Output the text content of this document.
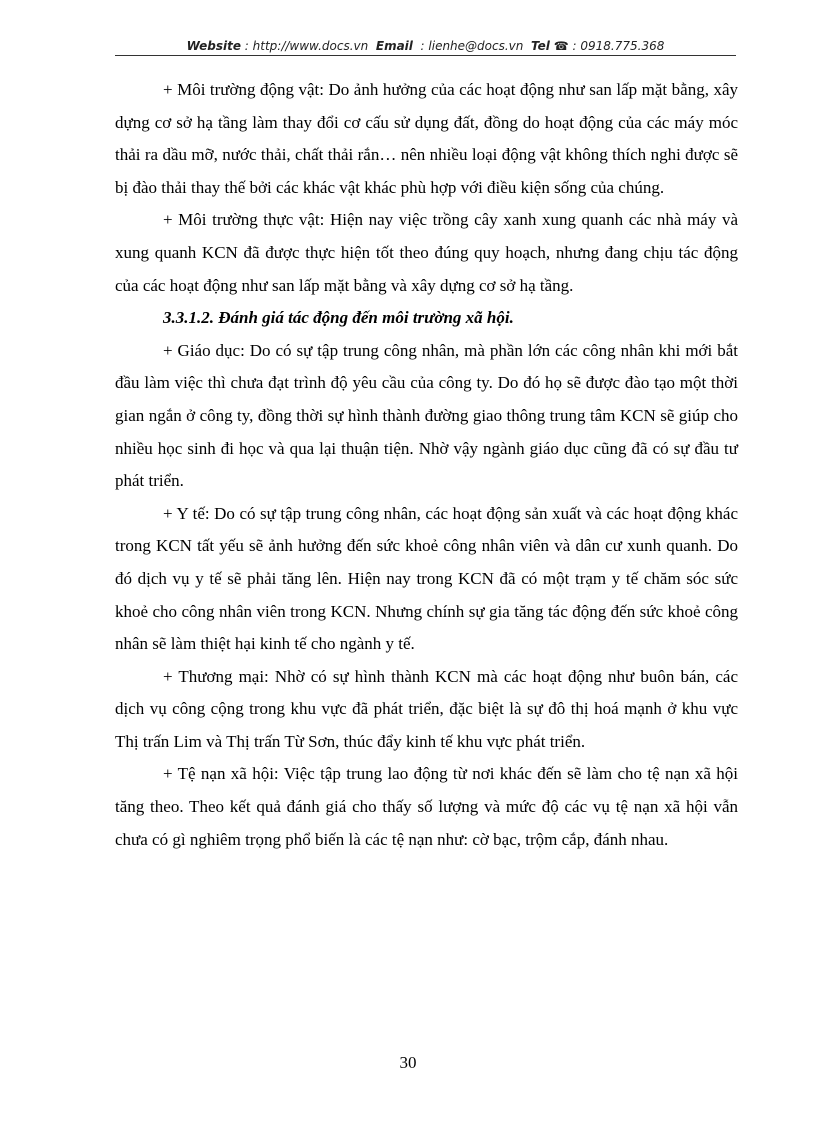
Website : http://www.docs.vn Email : lienhe@docs.vn Tel ☎ : 0918.775.368

+ Môi trường động vật: Do ảnh hưởng của các hoạt động như san lấp mặt bằng, xây dựng cơ sở hạ tầng làm thay đổi cơ cấu sử dụng đất, đồng do hoạt động của các máy móc thải ra dầu mỡ, nước thải, chất thải rắn… nên nhiều loại động vật không thích nghi được sẽ bị đào thải thay thế bởi các khác vật khác phù hợp với điều kiện sống của chúng.

+ Môi trường thực vật: Hiện nay việc trồng cây xanh xung quanh các nhà máy và xung quanh KCN đã được thực hiện tốt theo đúng quy hoạch, nhưng đang chịu tác động của các hoạt động như san lấp mặt bằng và xây dựng cơ sở hạ tầng.

3.3.1.2. Đánh giá tác động đến môi trường xã hội.

+ Giáo dục: Do có sự tập trung công nhân, mà phần lớn các công nhân khi mới bắt đầu làm việc thì chưa đạt trình độ yêu cầu của công ty. Do đó họ sẽ được đào tạo một thời gian ngắn ở công ty, đồng thời sự hình thành đường giao thông trung tâm KCN sẽ giúp cho nhiều học sinh đi học và qua lại thuận tiện. Nhờ vậy ngành giáo dục cũng đã có sự đầu tư phát triển.

+ Y tế: Do có sự tập trung công nhân, các hoạt động sản xuất và các hoạt động khác trong KCN tất yếu sẽ ảnh hưởng đến sức khoẻ công nhân viên và dân cư xunh quanh. Do đó dịch vụ y tế sẽ phải tăng lên. Hiện nay trong KCN đã có một trạm y tế chăm sóc sức khoẻ cho công nhân viên trong KCN. Nhưng chính sự gia tăng tác động đến sức khoẻ công nhân sẽ làm thiệt hại kinh tế cho ngành y tế.

+ Thương mại: Nhờ có sự hình thành KCN mà các hoạt động như buôn bán, các dịch vụ công cộng trong khu vực đã phát triển, đặc biệt là sự đô thị hoá mạnh ở khu vực Thị trấn Lim và Thị trấn Từ Sơn, thúc đẩy kinh tế khu vực phát triển.

+ Tệ nạn xã hội: Việc tập trung lao động từ nơi khác đến sẽ làm cho tệ nạn xã hội tăng theo. Theo kết quả đánh giá cho thấy số lượng và mức độ các vụ tệ nạn xã hội vẫn chưa có gì nghiêm trọng phổ biến là các tệ nạn như: cờ bạc, trộm cắp, đánh nhau.

30
